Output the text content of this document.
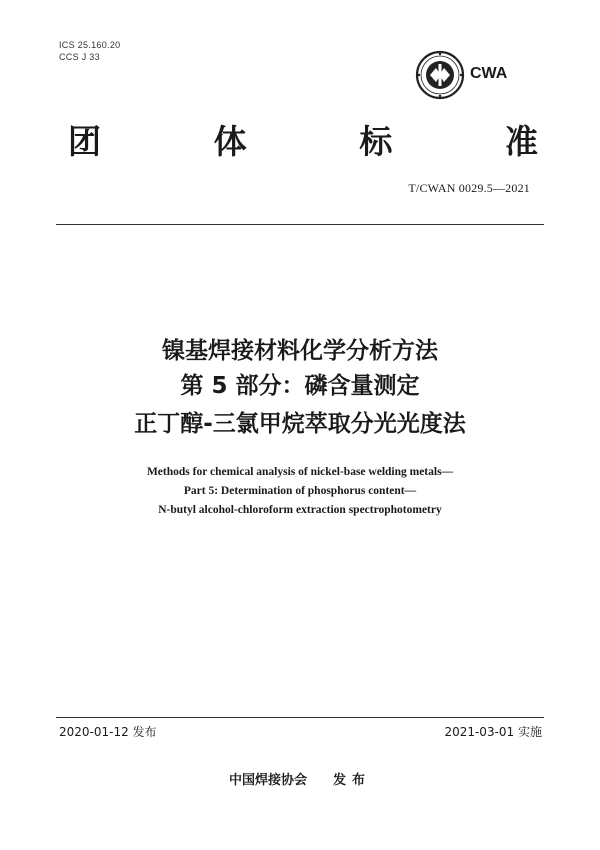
ICS 25.160.20
CCS J 33
CWA
团	体	标	准
T/CWAN 0029.5—2021
镍基焊接材料化学分析方法
第 5 部分：磷含量测定
正丁醇-三氯甲烷萃取分光光度法
Methods for chemical analysis of nickel-base welding metals—
Part 5: Determination of phosphorus content—
N-butyl alcohol-chloroform extraction spectrophotometry
2020-01-12 发布	2021-03-01 实施
中国焊接协会 发布
